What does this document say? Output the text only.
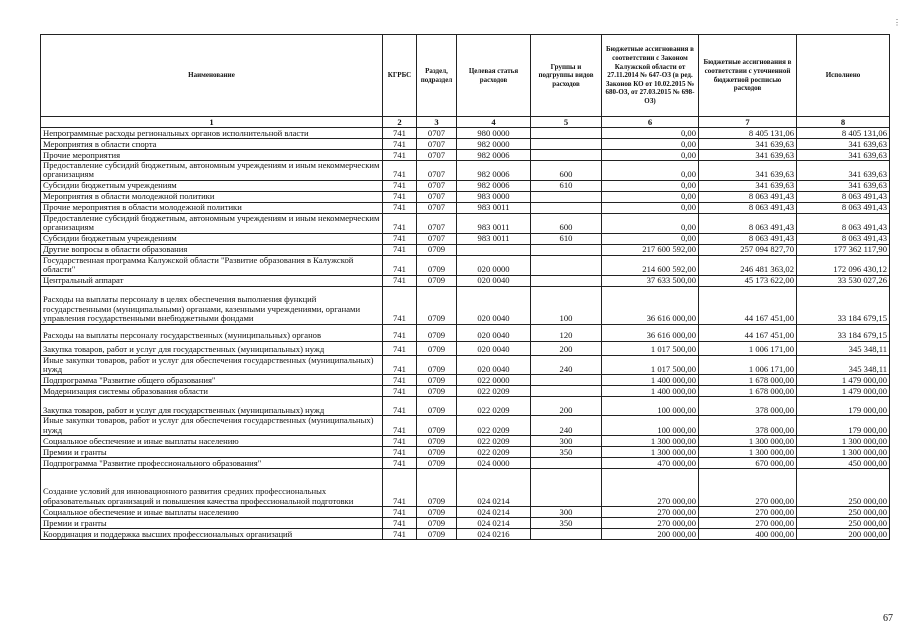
Наименование	КГРБС	Раздел, подраздел	Целевая статья расходов	Группы и подгруппы видов расходов	Бюджетные ассигнования в соответствии с Законом Калужской области от 27.11.2014 № 647-ОЗ (в ред. Законов КО от 10.02.2015 № 680-ОЗ, от 27.03.2015 № 698-ОЗ)	Бюджетные ассигнования в соответствии с уточненной бюджетной росписью расходов	Исполнено
1	2	3	4	5	6	7	8
Непрограммные расходы региональных органов исполнительной власти	741	0707	980 0000		0,00	8 405 131,06	8 405 131,06
Мероприятия в области спорта	741	0707	982 0000		0,00	341 639,63	341 639,63
Прочие мероприятия	741	0707	982 0006		0,00	341 639,63	341 639,63
Предоставление субсидий бюджетным, автономным учреждениям и иным некоммерческим организациям	741	0707	982 0006	600	0,00	341 639,63	341 639,63
Субсидии бюджетным учреждениям	741	0707	982 0006	610	0,00	341 639,63	341 639,63
Мероприятия в области молодежной политики	741	0707	983 0000		0,00	8 063 491,43	8 063 491,43
Прочие мероприятия в области молодежной политики	741	0707	983 0011		0,00	8 063 491,43	8 063 491,43
Предоставление субсидий бюджетным, автономным учреждениям и иным некоммерческим организациям	741	0707	983 0011	600	0,00	8 063 491,43	8 063 491,43
Субсидии бюджетным учреждениям	741	0707	983 0011	610	0,00	8 063 491,43	8 063 491,43
Другие вопросы в области образования	741	0709			217 600 592,00	257 094 827,70	177 362 117,90
Государственная программа Калужской области "Развитие образования в Калужской области"	741	0709	020 0000		214 600 592,00	246 481 363,02	172 096 430,12
Центральный аппарат	741	0709	020 0040		37 633 500,00	45 173 622,00	33 530 027,26
Расходы на выплаты персоналу в целях обеспечения выполнения функций государственными (муниципальными) органами, казенными учреждениями, органами управления государственными внебюджетными фондами	741	0709	020 0040	100	36 616 000,00	44 167 451,00	33 184 679,15
Расходы на выплаты персоналу государственных (муниципальных) органов	741	0709	020 0040	120	36 616 000,00	44 167 451,00	33 184 679,15
Закупка товаров, работ и услуг для государственных (муниципальных) нужд	741	0709	020 0040	200	1 017 500,00	1 006 171,00	345 348,11
Иные закупки товаров, работ и услуг для обеспечения государственных (муниципальных) нужд	741	0709	020 0040	240	1 017 500,00	1 006 171,00	345 348,11
Подпрограмма "Развитие общего образования"	741	0709	022 0000		1 400 000,00	1 678 000,00	1 479 000,00
Модернизация системы образования области	741	0709	022 0209		1 400 000,00	1 678 000,00	1 479 000,00
Закупка товаров, работ и услуг для государственных (муниципальных) нужд	741	0709	022 0209	200	100 000,00	378 000,00	179 000,00
Иные закупки товаров, работ и услуг для обеспечения государственных (муниципальных) нужд	741	0709	022 0209	240	100 000,00	378 000,00	179 000,00
Социальное обеспечение и иные выплаты населению	741	0709	022 0209	300	1 300 000,00	1 300 000,00	1 300 000,00
Премии и гранты	741	0709	022 0209	350	1 300 000,00	1 300 000,00	1 300 000,00
Подпрограмма "Развитие профессионального образования"	741	0709	024 0000		470 000,00	670 000,00	450 000,00
Создание условий для инновационного развития средних профессиональных образовательных организаций и повышения качества профессиональной подготовки	741	0709	024 0214		270 000,00	270 000,00	250 000,00
Социальное обеспечение и иные выплаты населению	741	0709	024 0214	300	270 000,00	270 000,00	250 000,00
Премии и гранты	741	0709	024 0214	350	270 000,00	270 000,00	250 000,00
Координация и поддержка высших профессиональных организаций	741	0709	024 0216		200 000,00	400 000,00	200 000,00
⋮
67
